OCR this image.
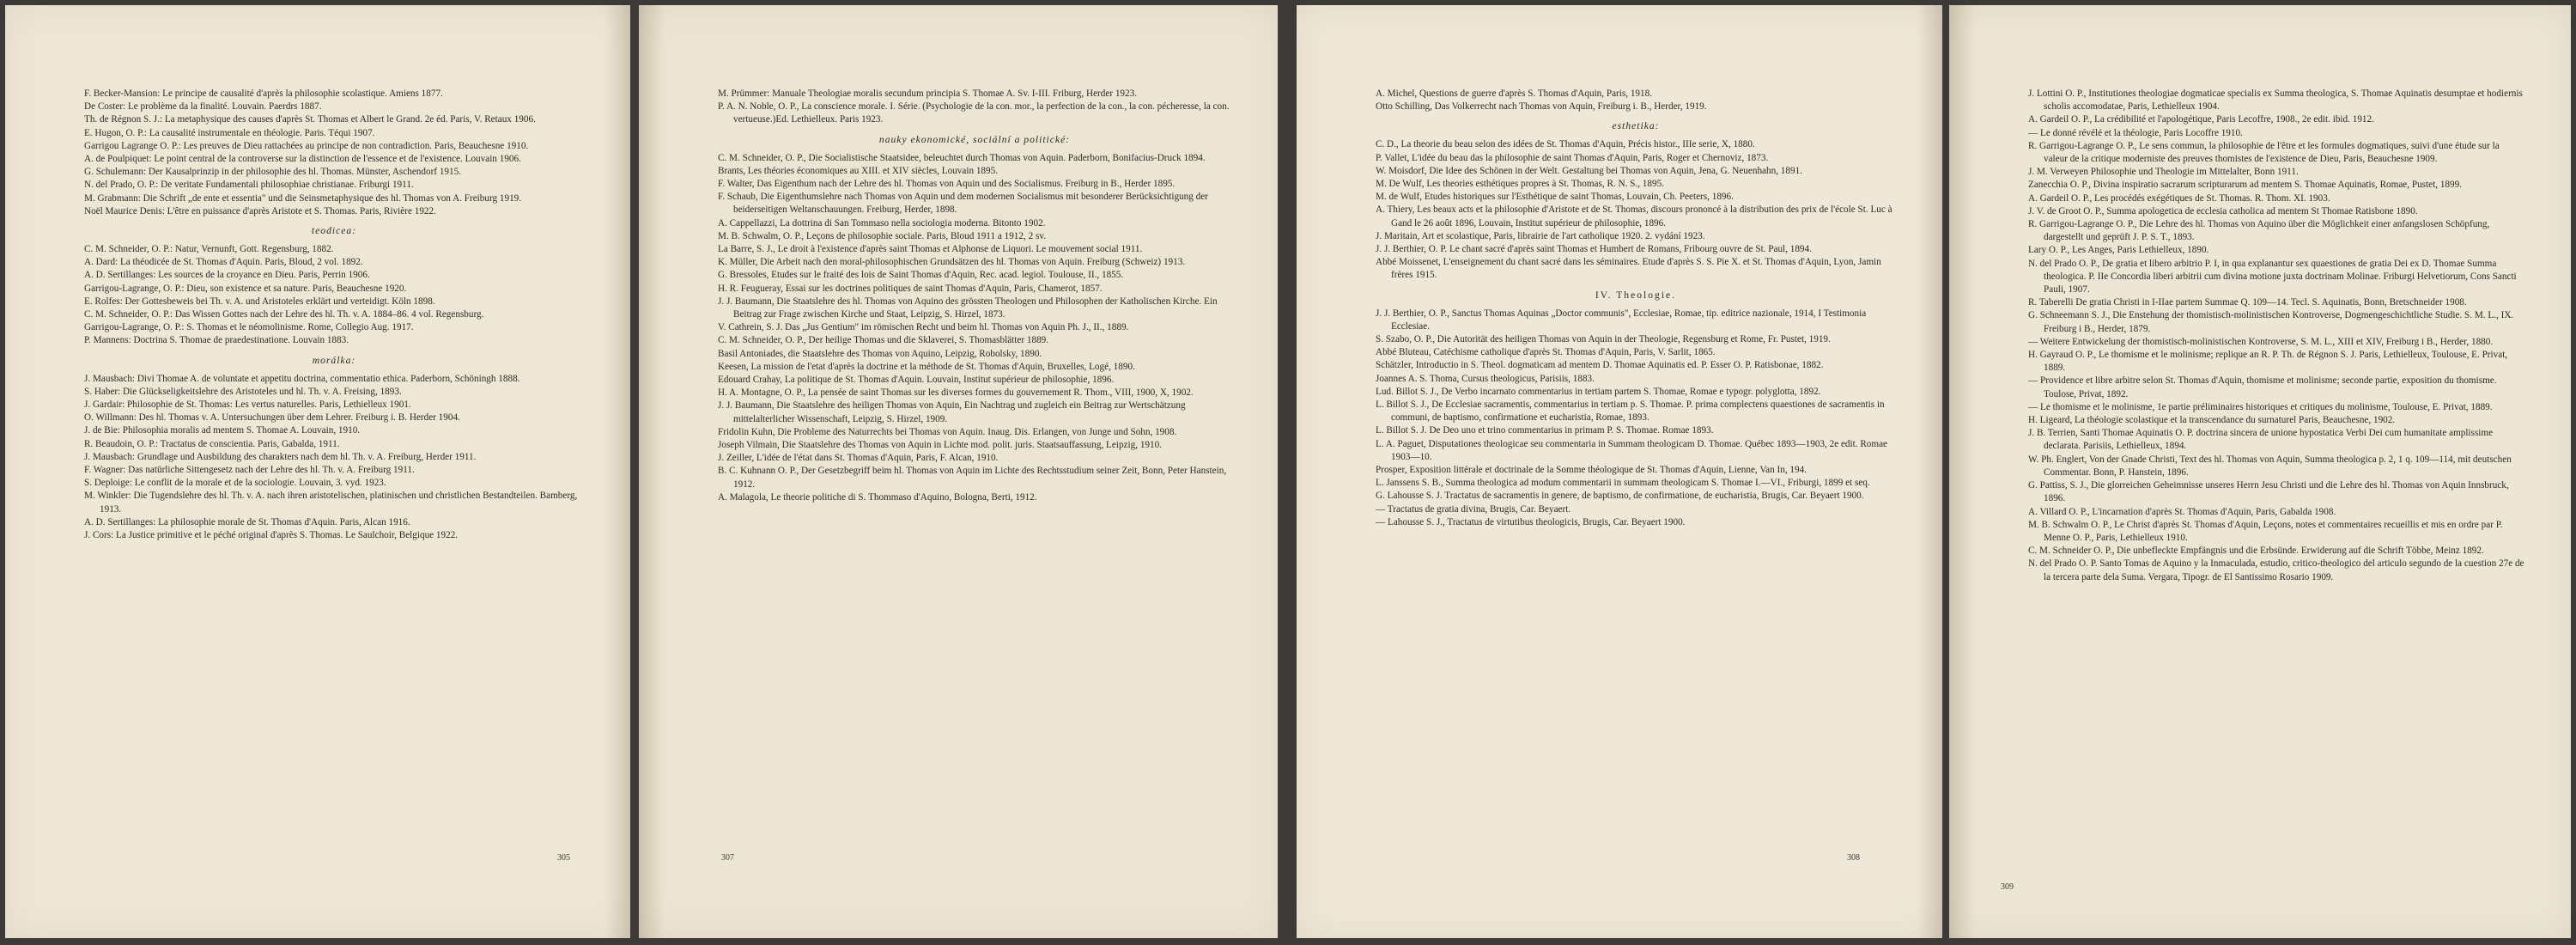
F. Becker-Mansion: Le principe de causalité d'après la philosophie scolastique. Amiens 1877.

De Coster: Le problème da la finalité. Louvain. Paerdrs 1887.

Th. de Régnon S. J.: La metaphysique des causes d'après St. Thomas et Albert le Grand. 2e éd. Paris, V. Retaux 1906.

E. Hugon, O. P.: La causalité instrumentale en théologie. Paris. Téqui 1907.

Garrigou Lagrange O. P.: Les preuves de Dieu rattachées au principe de non contradiction. Paris, Beauchesne 1910.

A. de Poulpiquet: Le point central de la controverse sur la distinction de l'essence et de l'existence. Louvain 1906.

G. Schulemann: Der Kausalprinzip in der philosophie des hl. Thomas. Münster, Aschendorf 1915.

N. del Prado, O. P.: De veritate Fundamentali philosophiae christianae. Friburgi 1911.

M. Grabmann: Die Schrift „de ente et essentia" und die Seinsmetaphysique des hl. Thomas von A. Freiburg 1919.

Noël Maurice Denis: L'être en puissance d'après Aristote et S. Thomas. Paris, Rivière 1922.

teodicea:

C. M. Schneider, O. P.: Natur, Vernunft, Gott. Regensburg, 1882.

A. Dard: La théodicée de St. Thomas d'Aquin. Paris, Bloud, 2 vol. 1892.

A. D. Sertillanges: Les sources de la croyance en Dieu. Paris, Perrin 1906.

Garrigou-Lagrange, O. P.: Dieu, son existence et sa nature. Paris, Beauchesne 1920.

E. Rolfes: Der Gottesbeweis bei Th. v. A. und Aristoteles erklärt und verteidigt. Köln 1898.

C. M. Schneider, O. P.: Das Wissen Gottes nach der Lehre des hl. Th. v. A. 1884–86. 4 vol. Regensburg.

Garrigou-Lagrange, O. P.: S. Thomas et le néomolinisme. Rome, Collegio Aug. 1917.

P. Mannens: Doctrina S. Thomae de praedestinatione. Louvain 1883.

morálka:

J. Mausbach: Divi Thomae A. de voluntate et appetitu doctrina, commentatio ethica. Paderborn, Schöningh 1888.

S. Haber: Die Glückseligkeitslehre des Aristoteles und hl. Th. v. A. Freising, 1893.

J. Gardair: Philosophie de St. Thomas: Les vertus naturelles. Paris, Lethielleux 1901.

O. Willmann: Des hl. Thomas v. A. Untersuchungen über dem Lehrer. Freiburg i. B. Herder 1904.

J. de Bie: Philosophia moralis ad mentem S. Thomae A. Louvain, 1910.

R. Beaudoin, O. P.: Tractatus de conscientia. Paris, Gabalda, 1911.

J. Mausbach: Grundlage und Ausbildung des charakters nach dem hl. Th. v. A. Freiburg, Herder 1911.

F. Wagner: Das natürliche Sittengesetz nach der Lehre des hl. Th. v. A. Freiburg 1911.

S. Deploige: Le conflit de la morale et de la sociologie. Louvain, 3. vyd. 1923.

M. Winkler: Die Tugendslehre des hl. Th. v. A. nach ihren aristotelischen, platinischen und christlichen Bestandteilen. Bamberg, 1913.

A. D. Sertillanges: La philosophie morale de St. Thomas d'Aquin. Paris, Alcan 1916.

J. Cors: La Justice primitive et le péché original d'après S. Thomas. Le Saulchoir, Belgique 1922.

305

M. Prümmer: Manuale Theologiae moralis secundum principia S. Thomae A. Sv. I-III. Friburg, Herder 1923.

P. A. N. Noble, O. P., La conscience morale. I. Série. (Psychologie de la con. mor., la perfection de la con., la con. pécheresse, la con. vertueuse.)Ed. Lethielleux. Paris 1923.

nauky ekonomické, sociální a politické:

C. M. Schneider, O. P., Die Socialistische Staatsidee, beleuchtet durch Thomas von Aquin. Paderborn, Bonifacius-Druck 1894.

Brants, Les théories économiques au XIII. et XIV siècles, Louvain 1895.

F. Walter, Das Eigenthum nach der Lehre des hl. Thomas von Aquin und des Socialismus. Freiburg in B., Herder 1895.

F. Schaub, Die Eigenthumslehre nach Thomas von Aquin und dem modernen Socialismus mit besonderer Berücksichtigung der beiderseitigen Weltanschauungen. Freiburg, Herder, 1898.

A. Cappellazzi, La dottrina di San Tommaso nella sociologia moderna. Bitonto 1902.

M. B. Schwalm, O. P., Leçons de philosophie sociale. Paris, Bloud 1911 a 1912, 2 sv.

La Barre, S. J., Le droit à l'existence d'après saint Thomas et Alphonse de Liquori. Le mouvement social 1911.

K. Müller, Die Arbeit nach den moral-philosophischen Grundsätzen des hl. Thomas von Aquin. Freiburg (Schweiz) 1913.

G. Bressoles, Etudes sur le fraité des lois de Saint Thomas d'Aquin, Rec. acad. legiol. Toulouse, II., 1855.

H. R. Feugueray, Essai sur les doctrines politiques de saint Thomas d'Aquin, Paris, Chamerot, 1857.

J. J. Baumann, Die Staatslehre des hl. Thomas von Aquino des grössten Theologen und Philosophen der Katholischen Kirche. Ein Beitrag zur Frage zwischen Kirche und Staat, Leipzig, S. Hirzel, 1873.

V. Cathrein, S. J. Das „Jus Gentium" im römischen Recht und beim hl. Thomas von Aquin Ph. J., II., 1889.

C. M. Schneider, O. P., Der heilige Thomas und die Sklaverei, S. Thomasblätter 1889.

Basil Antoniades, die Staatslehre des Thomas von Aquino, Leipzig, Robolsky, 1890.

Keesen, La mission de l'etat d'après la doctrine et la méthode de St. Thomas d'Aquin, Bruxelles, Logé, 1890.

Edouard Crahay, La politique de St. Thomas d'Aquin. Louvain, Institut supérieur de philosophie, 1896.

H. A. Montagne, O. P., La pensée de saint Thomas sur les diverses formes du gouvernement R. Thom., VIII, 1900, X, 1902.

J. J. Baumann, Die Staatslehre des heiligen Thomas von Aquin, Ein Nachtrag und zugleich ein Beitrag zur Wertschätzung mittelalterlicher Wissenschaft, Leipzig, S. Hirzel, 1909.

Fridolin Kuhn, Die Probleme des Naturrechts bei Thomas von Aquin. Inaug. Dis. Erlangen, von Junge und Sohn, 1908.

Joseph Vilmain, Die Staatslehre des Thomas von Aquin in Lichte mod. polit. juris. Staatsauffassung, Leipzig, 1910.

J. Zeiller, L'idée de l'état dans St. Thomas d'Aquin, Paris, F. Alcan, 1910.

B. C. Kuhnann O. P., Der Gesetzbegriff beim hl. Thomas von Aquin im Lichte des Rechtsstudium seiner Zeit, Bonn, Peter Hanstein, 1912.

A. Malagola, Le theorie politiche di S. Thommaso d'Aquino, Bologna, Berti, 1912.

307

A. Michel, Questions de guerre d'après S. Thomas d'Aquin, Paris, 1918.

Otto Schilling, Das Volkerrecht nach Thomas von Aquin, Freiburg i. B., Herder, 1919.

esthetika:

C. D., La theorie du beau selon des idées de St. Thomas d'Aquin, Précis histor., IIIe serie, X, 1880.

P. Vallet, L'idée du beau das la philosophie de saint Thomas d'Aquin, Paris, Roger et Chernoviz, 1873.

W. Moisdorf, Die Idee des Schönen in der Welt. Gestaltung bei Thomas von Aquin, Jena, G. Neuenhahn, 1891.

M. De Wulf, Les theories esthétiques propres à St. Thomas, R. N. S., 1895.

M. de Wulf, Etudes historiques sur l'Esthétique de saint Thomas, Louvain, Ch. Peeters, 1896.

A. Thiery, Les beaux acts et la philosophie d'Aristote et de St. Thomas, discours prononcé à la distribution des prix de l'école St. Luc à Gand le 26 août 1896, Louvain, Institut supérieur de philosophie, 1896.

J. Maritain, Art et scolastique, Paris, librairie de l'art catholique 1920. 2. vydání 1923.

J. J. Berthier, O. P. Le chant sacré d'après saint Thomas et Humbert de Romans, Fribourg ouvre de St. Paul, 1894.

Abbé Moissenet, L'enseignement du chant sacré dans les séminaires. Etude d'après S. S. Pie X. et St. Thomas d'Aquin, Lyon, Jamin frères 1915.

IV. Theologie.

J. J. Berthier, O. P., Sanctus Thomas Aquinas „Doctor communis", Ecclesiae, Romae, tip. editrice nazionale, 1914, I Testimonia Ecclesiae.

S. Szabo, O. P., Die Autorität des heiligen Thomas von Aquin in der Theologie, Regensburg et Rome, Fr. Pustet, 1919.

Abbé Bluteau, Catéchisme catholique d'après St. Thomas d'Aquin, Paris, V. Sarlit, 1865.

Schätzler, Introductio in S. Theol. dogmaticam ad mentem D. Thomae Aquinatis ed. P. Esser O. P. Ratisbonae, 1882.

Joannes A. S. Thoma, Cursus theologicus, Parisiis, 1883.

Lud. Billot S. J., De Verbo incarnato commentarius in tertiam partem S. Thomae, Romae e typogr. polyglotta, 1892.

L. Billot S. J., De Ecclesiae sacramentis, commentarius in tertiam p. S. Thomae. P. prima complectens quaestiones de sacramentis in communi, de baptismo, confirmatione et eucharistia, Romae, 1893.

L. Billot S. J. De Deo uno et trino commentarius in primam P. S. Thomae. Romae 1893.

L. A. Paguet, Disputationes theologicae seu commentaria in Summam theologicam D. Thomae. Québec 1893—1903, 2e edit. Romae 1903—10.

Prosper, Exposition littérale et doctrinale de la Somme théologique de St. Thomas d'Aquin, Lienne, Van In, 194.

L. Janssens S. B., Summa theologica ad modum commentarii in summam theologicam S. Thomae I.—VI., Friburgi, 1899 et seq.

G. Lahousse S. J. Tractatus de sacramentis in genere, de baptismo, de confirmatione, de eucharistia, Brugis, Car. Beyaert 1900.

— Tractatus de gratia divina, Brugis, Car. Beyaert.

— Lahousse S. J., Tractatus de virtutibus theologicis, Brugis, Car. Beyaert 1900.

308

J. Lottini O. P., Institutiones theologiae dogmaticae specialis ex Summa theologica, S. Thomae Aquinatis desumptae et hodiernis scholis accomodatae, Paris, Lethielleux 1904.

A. Gardeil O. P., La crédibilité et l'apologétique, Paris Lecoffre, 1908., 2e edit. ibid. 1912.

— Le donné révélé et la théologie, Paris Locoffre 1910.

R. Garrigou-Lagrange O. P., Le sens commun, la philosophie de l'être et les formules dogmatiques, suivi d'une étude sur la valeur de la critique moderniste des preuves thomistes de l'existence de Dieu, Paris, Beauchesne 1909.

J. M. Verweyen Philosophie und Theologie im Mittelalter, Bonn 1911.

Zanecchia O. P., Divina inspiratio sacrarum scripturarum ad mentem S. Thomae Aquinatis, Romae, Pustet, 1899.

A. Gardeil O. P., Les procédés exégétiques de St. Thomas. R. Thom. XI. 1903.

J. V. de Groot O. P., Summa apologetica de ecclesia catholica ad mentem St Thomae Ratisbone 1890.

R. Garrigou-Lagrange O. P., Die Lehre des hl. Thomas von Aquino über die Möglichkeit einer anfangslosen Schöpfung, dargestellt und geprüft J. P. S. T., 1893.

Lary O. P., Les Anges, Paris Lethielleux, 1890.

N. del Prado O. P., De gratia et libero arbitrio P. I, in qua explanantur sex quaestiones de gratia Dei ex D. Thomae Summa theologica. P. IIe Concordia liberi arbitrii cum divina motione juxta doctrinam Molinae. Friburgi Helvetiorum, Cons Sancti Pauli, 1907.

R. Taberelli De gratia Christi in I-IIae partem Summae Q. 109—14. Tecl. S. Aquinatis, Bonn, Bretschneider 1908.

G. Schneemann S. J., Die Enstehung der thomistisch-molinistischen Kontroverse, Dogmengeschichtliche Studie. S. M. L., IX. Freiburg i B., Herder, 1879.

— Weitere Entwickelung der thomistisch-molinistischen Kontroverse, S. M. L., XIII et XIV, Freiburg i B., Herder, 1880.

H. Gayraud O. P., Le thomisme et le molinisme; replique an R. P. Th. de Régnon S. J. Paris, Lethielleux, Toulouse, E. Privat, 1889.

— Providence et libre arbitre selon St. Thomas d'Aquin, thomisme et molinisme; seconde partie, exposition du thomisme. Toulose, Privat, 1892.

— Le thomisme et le molinisme, 1e partie préliminaires historiques et critiques du molinisme, Toulouse, E. Privat, 1889.

H. Ligeard, La théologie scolastique et la transcendance du surnaturel Paris, Beauchesne, 1902.

J. B. Terrien, Santi Thomae Aquinatis O. P. doctrina sincera de unione hypostatica Verbi Dei cum humanitate amplissime declarata. Parisiis, Lethielleux, 1894.

W. Ph. Englert, Von der Gnade Christi, Text des hl. Thomas von Aquin, Summa theologica p. 2, 1 q. 109—114, mit deutschen Commentar. Bonn, P. Hanstein, 1896.

G. Pattiss, S. J., Die glorreichen Geheimnisse unseres Herrn Jesu Christi und die Lehre des hl. Thomas von Aquin Innsbruck, 1896.

A. Villard O. P., L'incarnation d'après St. Thomas d'Aquin, Paris, Gabalda 1908.

M. B. Schwalm O. P., Le Christ d'après St. Thomas d'Aquin, Leçons, notes et commentaires recueillis et mis en ordre par P. Menne O. P., Paris, Lethielleux 1910.

C. M. Schneider O. P., Die unbefleckte Empfängnis und die Erbsünde. Erwiderung auf die Schrift Többe, Meinz 1892.

N. del Prado O. P. Santo Tomas de Aquino y la Inmaculada, estudio, critico-theologico del articulo segundo de la cuestion 27e de la tercera parte dela Suma. Vergara, Tipogr. de El Santissimo Rosario 1909.

309
